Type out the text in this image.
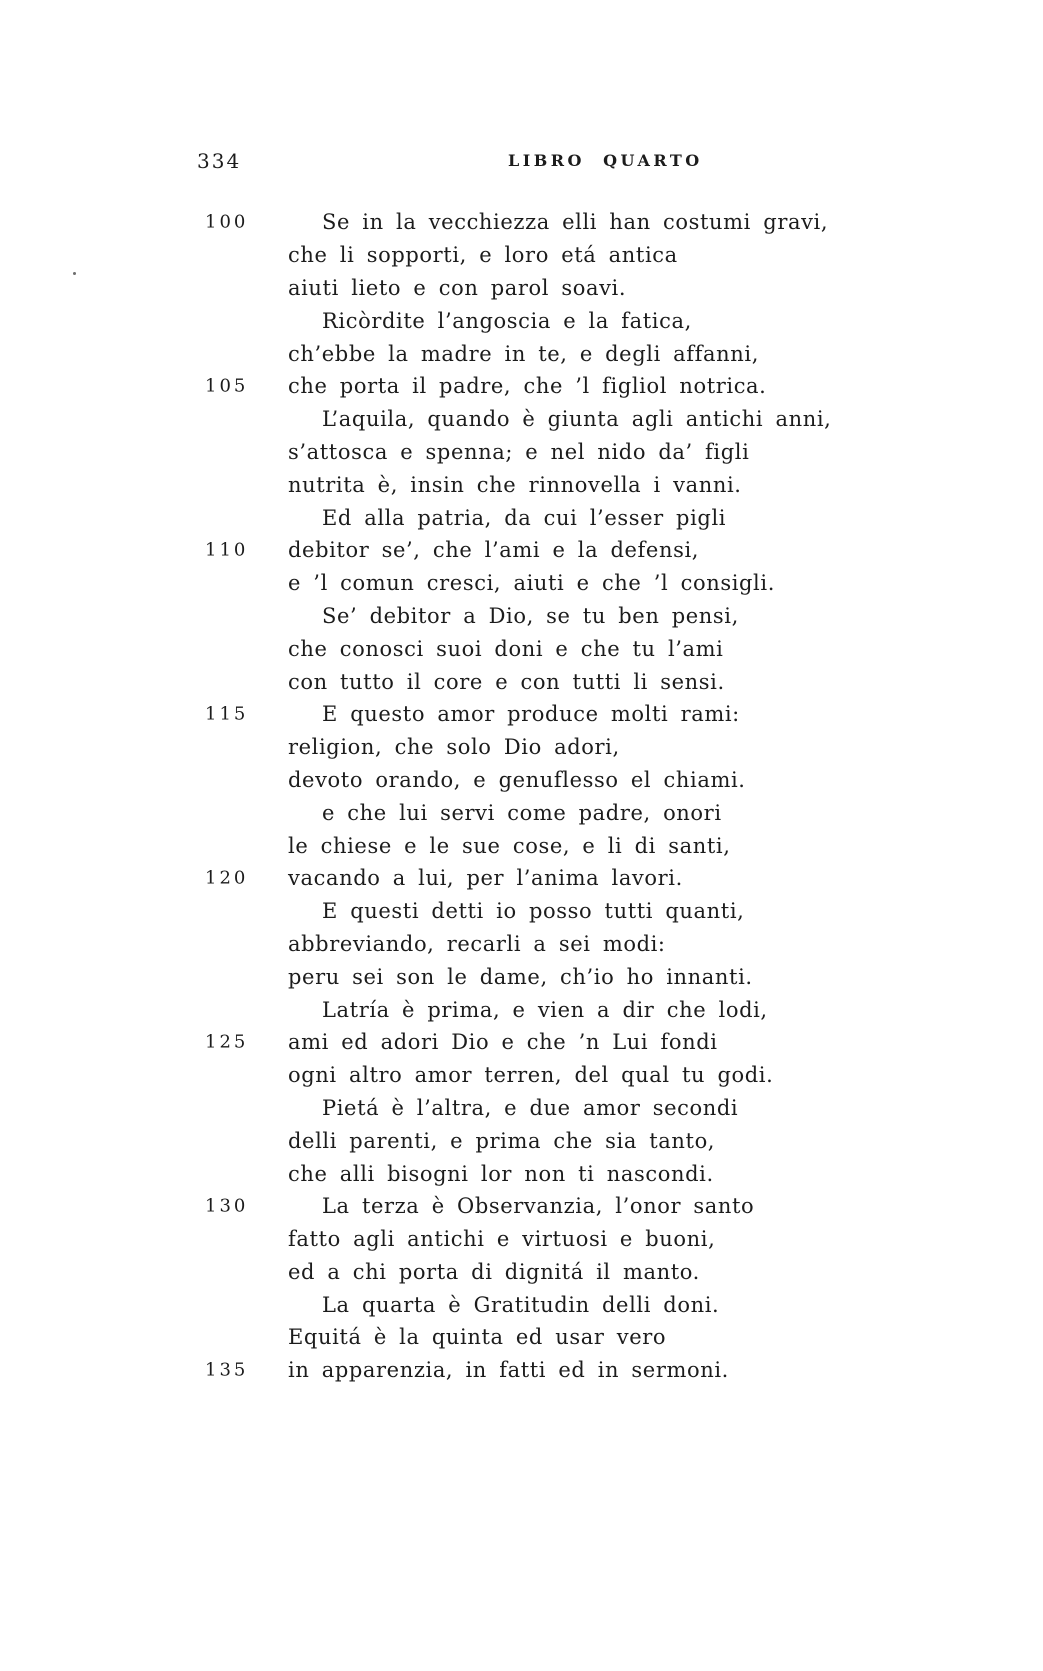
334	LIBRO QUARTO
100	Se in la vecchiezza elli han costumi gravi,
che li sopporti, e loro etá antica
aiuti lieto e con parol soavi.
Ricòrdite l’angoscia e la fatica,
ch’ebbe la madre in te, e degli affanni,
105 che porta il padre, che ’l figliol notrica.
L’aquila, quando è giunta agli antichi anni,
s’attosca e spenna; e nel nido da’ figli
nutrita è, insin che rinnovella i vanni.
Ed alla patria, da cui l’esser pigli
110 debitor se’, che l’ami e la defensi,
e ’l comun cresci, aiuti e che ’l consigli.
Se’ debitor a Dio, se tu ben pensi,
che conosci suoi doni e che tu l’ami
con tutto il core e con tutti li sensi.
115	E questo amor produce molti rami:
religion, che solo Dio adori,
devoto orando, e genuflesso el chiami.
e che lui servi come padre, onori
le chiese e le sue cose, e li di santi,
120 vacando a lui, per l’anima lavori.
E questi detti io posso tutti quanti,
abbreviando, recarli a sei modi:
peru sei son le dame, ch’io ho innanti.
Latría è prima, e vien a dir che lodi,
125 ami ed adori Dio e che ’n Lui fondi
ogni altro amor terren, del qual tu godi.
Pietá è l’altra, e due amor secondi
delli parenti, e prima che sia tanto,
che alli bisogni lor non ti nascondi.
130	La terza è Observanzia, l’onor santo
fatto agli antichi e virtuosi e buoni,
ed a chi porta di dignitá il manto.
La quarta è Gratitudin delli doni.
Equitá è la quinta ed usar vero
135 in apparenzia, in fatti ed in sermoni.
